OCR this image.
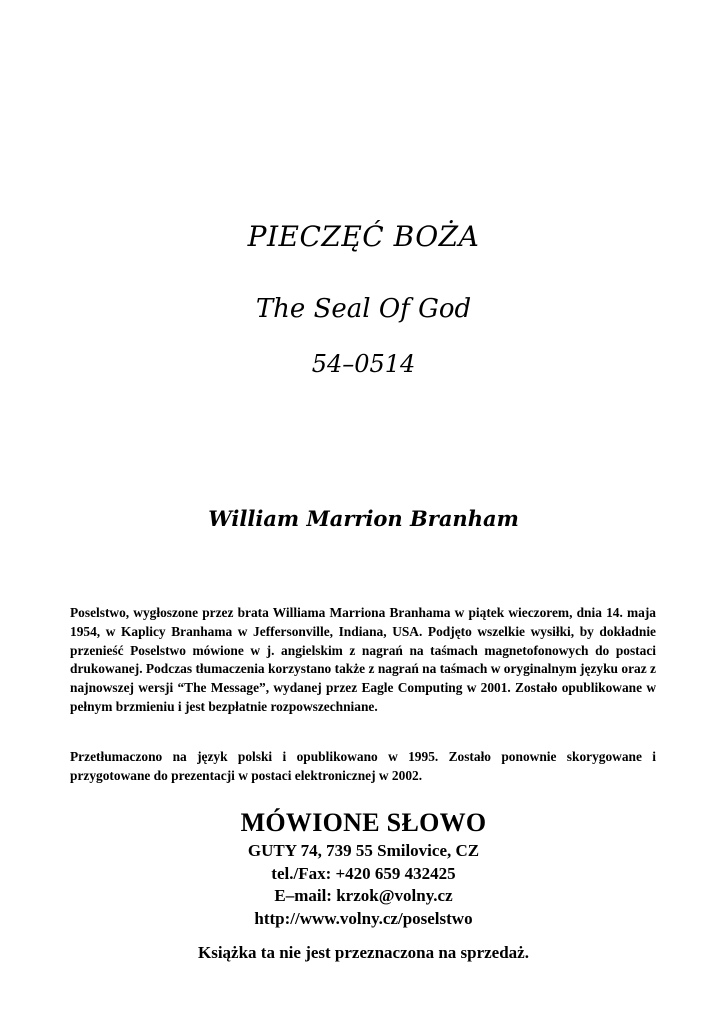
PIECZĘĆ BOŻA
The Seal Of God
54–0514
William Marrion Branham

Poselstwo, wygłoszone przez brata Williama Marriona Branhama w piątek wieczorem, dnia 14. maja 1954, w Kaplicy Branhama w Jeffersonville, Indiana, USA. Podjęto wszelkie wysiłki, by dokładnie przenieść Poselstwo mówione w j. angielskim z nagrań na taśmach magnetofonowych do postaci drukowanej. Podczas tłumaczenia korzystano także z nagrań na taśmach w oryginalnym języku oraz z najnowszej wersji “The Message”, wydanej przez Eagle Computing w 2001. Zostało opublikowane w pełnym brzmieniu i jest bezpłatnie rozpowszechniane.

Przetłumaczono na język polski i opublikowano w 1995. Zostało ponownie skorygowane i przygotowane do prezentacji w postaci elektronicznej w 2002.

MÓWIONE SŁOWO
GUTY 74, 739 55 Smilovice, CZ
tel./Fax: +420 659 432425
E–mail: krzok@volny.cz
http://www.volny.cz/poselstwo
Książka ta nie jest przeznaczona na sprzedaż.
